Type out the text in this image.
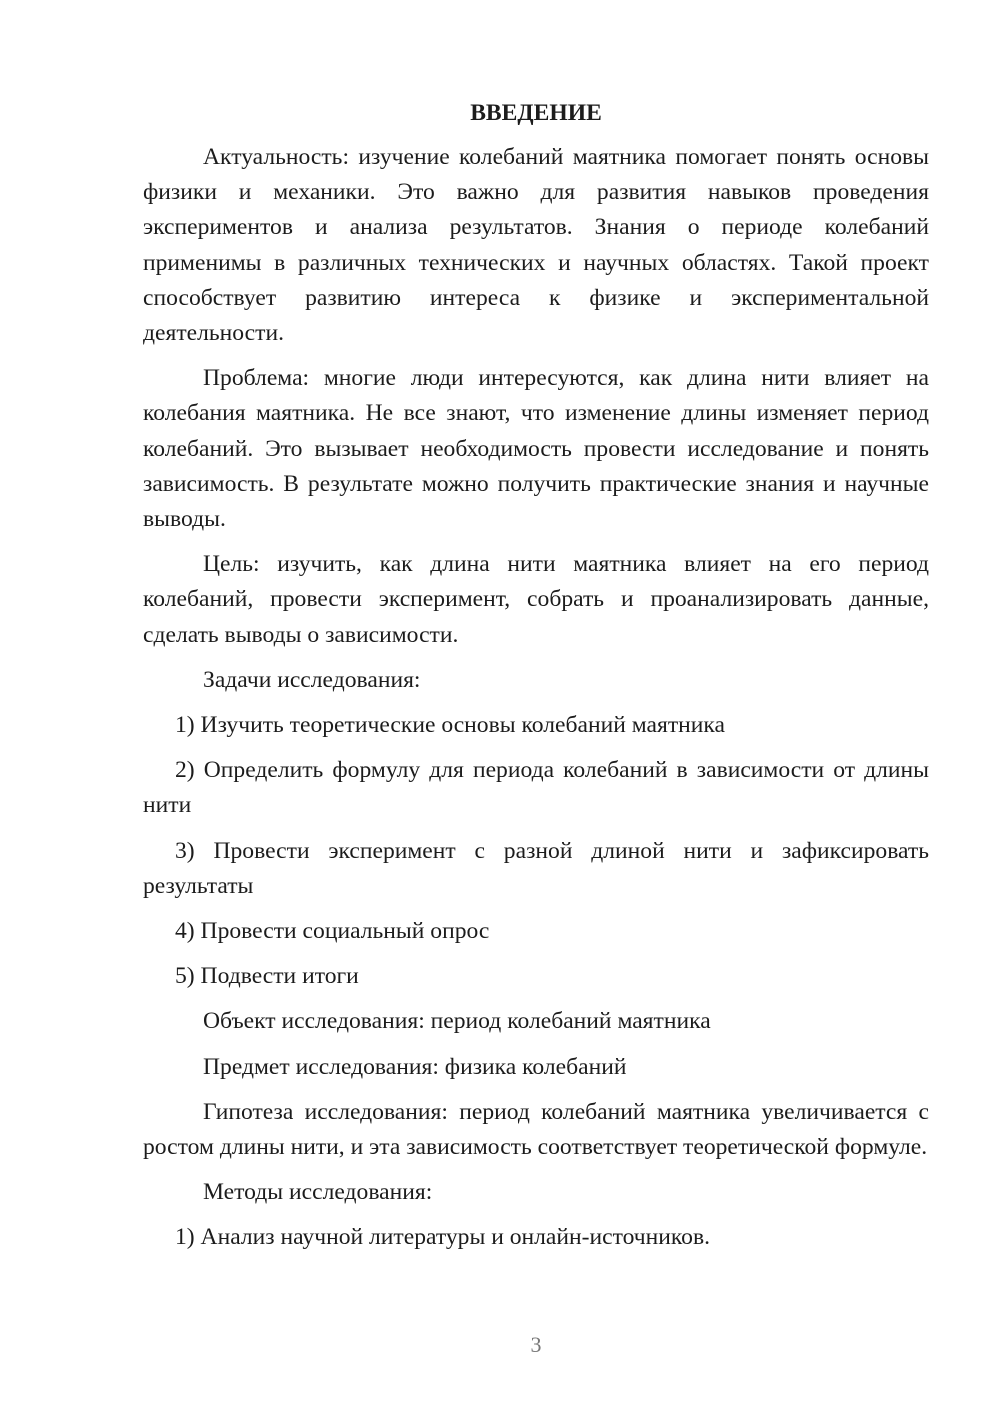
ВВЕДЕНИЕ

Актуальность: изучение колебаний маятника помогает понять основы физики и механики. Это важно для развития навыков проведения экспериментов и анализа результатов. Знания о периоде колебаний применимы в различных технических и научных областях. Такой проект способствует развитию интереса к физике и экспериментальной деятельности.

Проблема: многие люди интересуются, как длина нити влияет на колебания маятника. Не все знают, что изменение длины изменяет период колебаний. Это вызывает необходимость провести исследование и понять зависимость. В результате можно получить практические знания и научные выводы.

Цель: изучить, как длина нити маятника влияет на его период колебаний, провести эксперимент, собрать и проанализировать данные, сделать выводы о зависимости.

Задачи исследования:

1) Изучить теоретические основы колебаний маятника

2) Определить формулу для периода колебаний в зависимости от длины нити

3) Провести эксперимент с разной длиной нити и зафиксировать результаты

4) Провести социальный опрос

5) Подвести итоги

Объект исследования: период колебаний маятника

Предмет исследования: физика колебаний

Гипотеза исследования: период колебаний маятника увеличивается с ростом длины нити, и эта зависимость соответствует теоретической формуле.

Методы исследования:

1) Анализ научной литературы и онлайн-источников.

3
